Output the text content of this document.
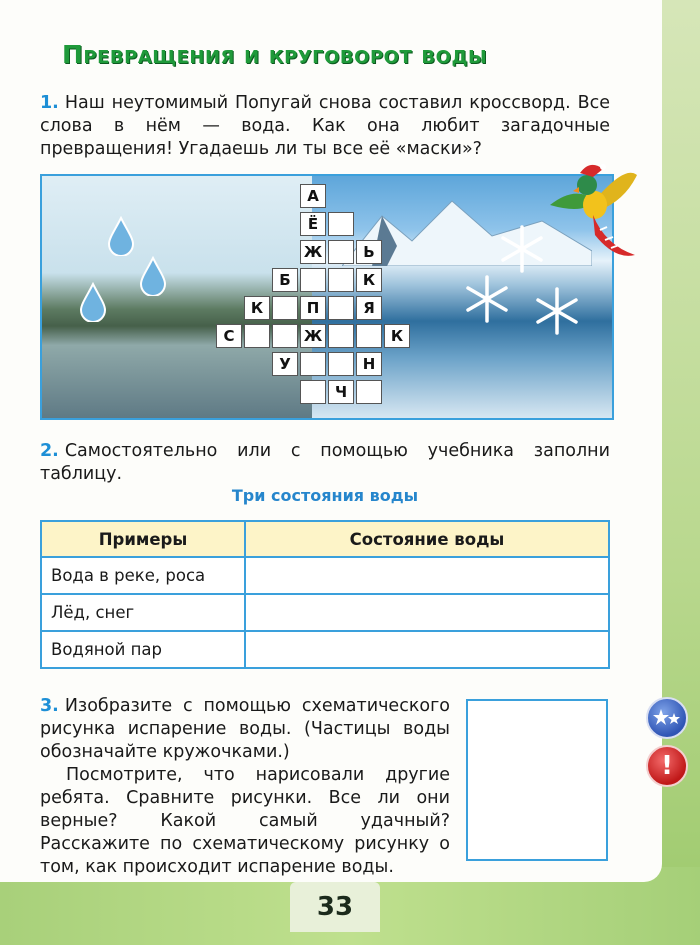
Превращения и круговорот воды

1. Наш неутомимый Попугай снова составил кроссворд. Все слова в нём — вода. Как она любит загадочные превращения! Угадаешь ли ты все её «маски»?

А
Ё
Ж	Ь
Б	К
К	П	Я
С	Ж	К
У	Н
Ч

2. Самостоятельно или с помощью учебника заполни таблицу.

Три состояния воды

Примеры	Состояние воды
Вода в реке, роса	
Лёд, снег	
Водяной пар	

3. Изобразите с помощью схематического рисунка испарение воды. (Частицы воды обозначайте кружочками.)
Посмотрите, что нарисовали другие ребята. Сравните рисунки. Все ли они верные? Какой самый удачный? Расскажите по схематическому рисунку о том, как происходит испарение воды.

!
33
